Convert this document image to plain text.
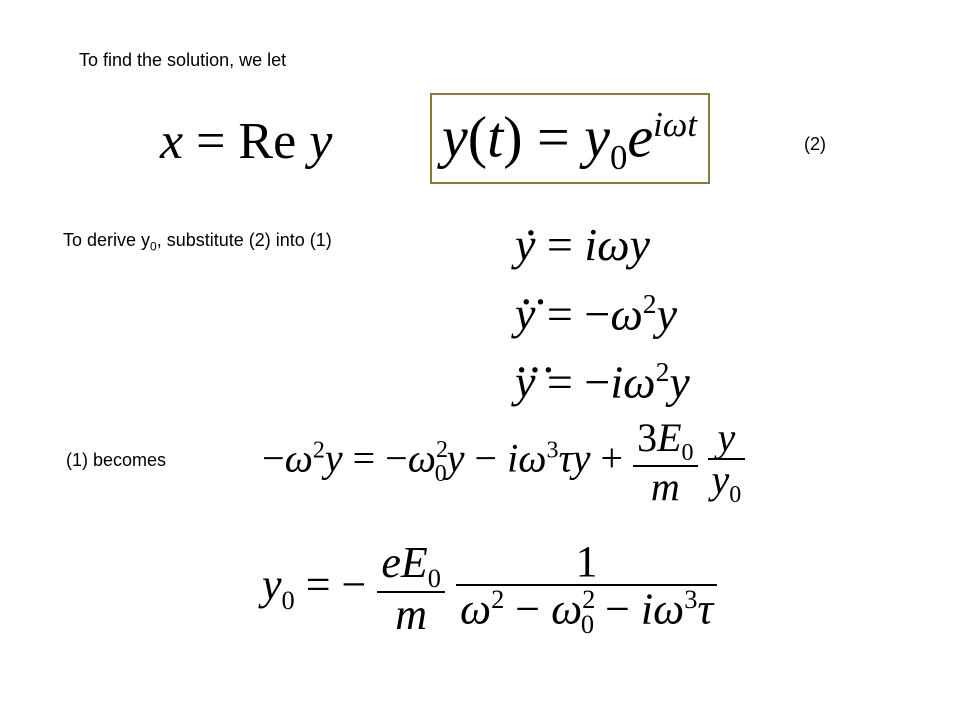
To find the solution, we let
x = Re y $y(t) = y_0e^{i\omega t}$	(2)
To derive $y_0$, substitute (2) into (1)
.	y = iωy
.. $y = -\omega^2y$
... $y = -i\omega^2y$
(1) becomes $-\omega^2y = -\omega^2_0y - i\omega^3\tau y + \frac{3E_0}{m}$
$\frac{y}{y_0}$
$y_0$ = − $\frac{eE_0}{m}$
$\frac{1}{\omega^2 - \omega^2_0 - i\omega^3\tau}$
